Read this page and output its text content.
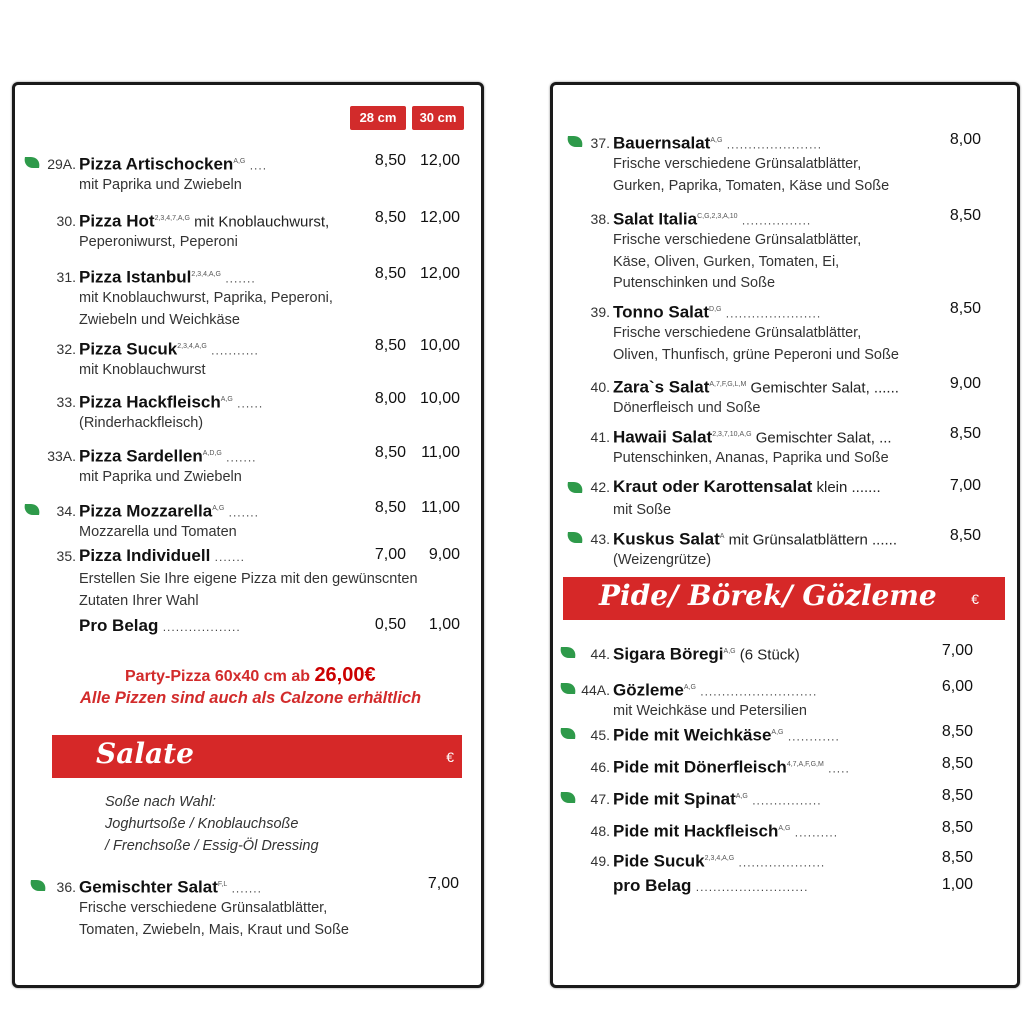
28 cm	30 cm
Party-Pizza 60x40 cm ab 26,00€
Alle Pizzen sind auch als Calzone erhältlich
Salate	€
Soße nach Wahl:
Joghurtsoße / Knoblauchsoße
/ Frenchsoße / Essig-Öl Dressing
Pide/ Börek/ Gözleme €
29A. Pizza Artischocken$^{A,G}$ ....
mit Paprika und Zwiebeln
8,50 12,00
30. Pizza Hot$^{2,3,4,7,A,G}$ mit Knoblauchwurst,
Peperoniwurst, Peperoni
8,50 12,00
31. Pizza Istanbul$^{2,3,4,A,G}$ .......
mit Knoblauchwurst, Paprika, Peperoni,
Zwiebeln und Weichkäse
8,50 12,00
32. Pizza Sucuk$^{2,3,4,A,G}$ ...........
mit Knoblauchwurst
8,50 10,00
33. Pizza Hackfleisch$^{A,G}$ ......
(Rinderhackfleisch)
8,00 10,00
33A. Pizza Sardellen$^{A,D,G}$ .......
mit Paprika und Zwiebeln
8,50 11,00
34. Pizza Mozzarella$^{A,G}$ .......
Mozzarella und Tomaten
8,50 11,00
35. Pizza Individuell .......
Erstellen Sie Ihre eigene Pizza mit den gewünscnten
Zutaten Ihrer Wahl
7,00	9,00
Pro Belag ..................	0,50	1,00
36. Gemischter Salat$^{F,L}$ .......
Frische verschiedene Grünsalatblätter,
Tomaten, Zwiebeln, Mais, Kraut und Soße
7,00
37. Bauernsalat$^{A,G}$ ......................
Frische verschiedene Grünsalatblätter,
Gurken, Paprika, Tomaten, Käse und Soße
8,00
38. Salat Italia$^{C,G,2,3,A,10}$ ................
Frische verschiedene Grünsalatblätter,
Käse, Oliven, Gurken, Tomaten, Ei,
Putenschinken und Soße
8,50
39. Tonno Salat$^{D,G}$ ......................
Frische verschiedene Grünsalatblätter,
Oliven, Thunfisch, grüne Peperoni und Soße
8,50
40. Zara`s Salat$^{A,7,F,G,L,M}$ Gemischter Salat, ......
Dönerfleisch und Soße
9,00
41. Hawaii Salat$^{2,3,7,10,A,G}$ Gemischter Salat, ...
Putenschinken, Ananas, Paprika und Soße
8,50
42. Kraut oder Karottensalat klein .......
mit Soße
7,00
43. Kuskus Salat$^A$ mit Grünsalatblättern ......
(Weizengrütze)
8,50
44. Sigara Böregi$^{A,G}$ (6 Stück)	7,00
44A. Gözleme$^{A,G}$ ...........................
mit Weichkäse und Petersilien
6,00
45. Pide mit Weichkäse$^{A,G}$ ............	8,50
46. Pide mit Dönerfleisch$^{4,7,A,F,G,M}$ .....	8,50
47. Pide mit Spinat$^{A,G}$ ................	8,50
48. Pide mit Hackfleisch$^{A,G}$ ..........	8,50
49. Pide Sucuk$^{2,3,4,A,G}$ ....................	8,50
pro Belag ..........................	1,00
